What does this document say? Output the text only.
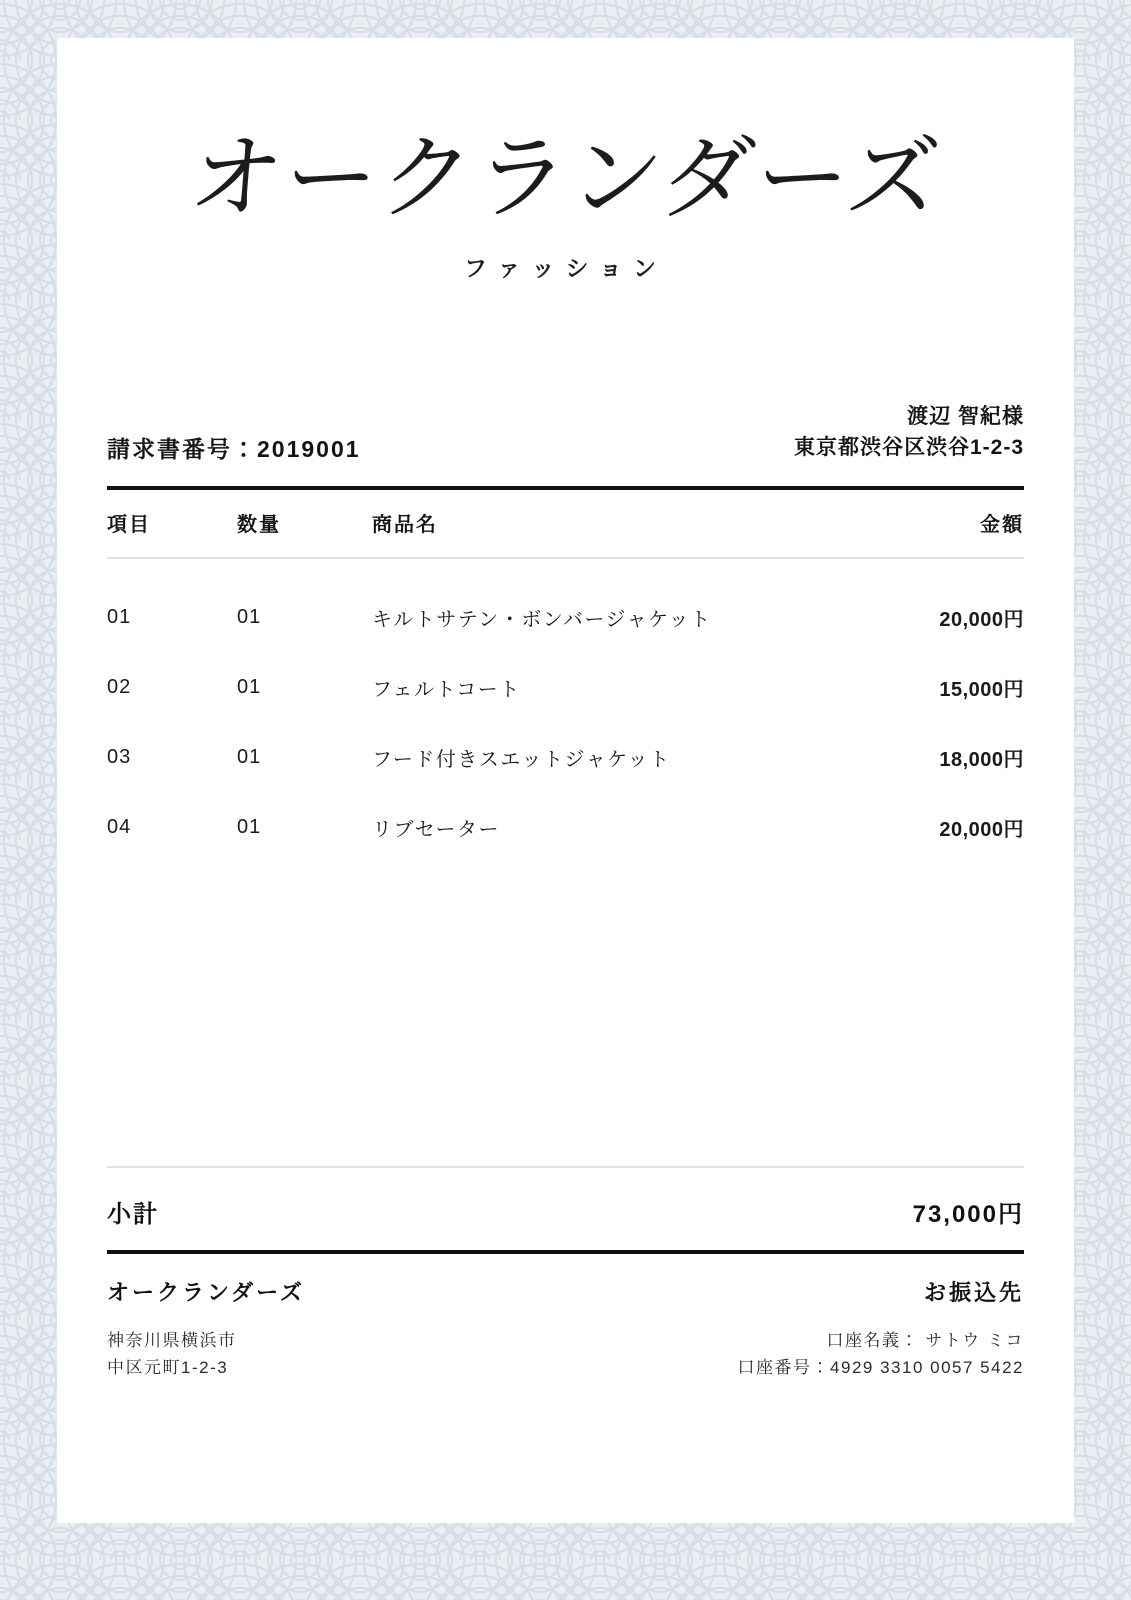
オークランダーズ
ファッション
請求書番号：2019001
渡辺 智紀様
東京都渋谷区渋谷1-2-3
項目	数量	商品名	金額
01	01	キルトサテン・ボンバージャケット	20,000円
02	01	フェルトコート	15,000円
03	01	フード付きスエットジャケット	18,000円
04	01	リブセーター	20,000円
小計	73,000円
オークランダーズ	お振込先
神奈川県横浜市
中区元町1-2-3
口座名義： サトウ ミコ
口座番号：4929 3310 0057 5422
